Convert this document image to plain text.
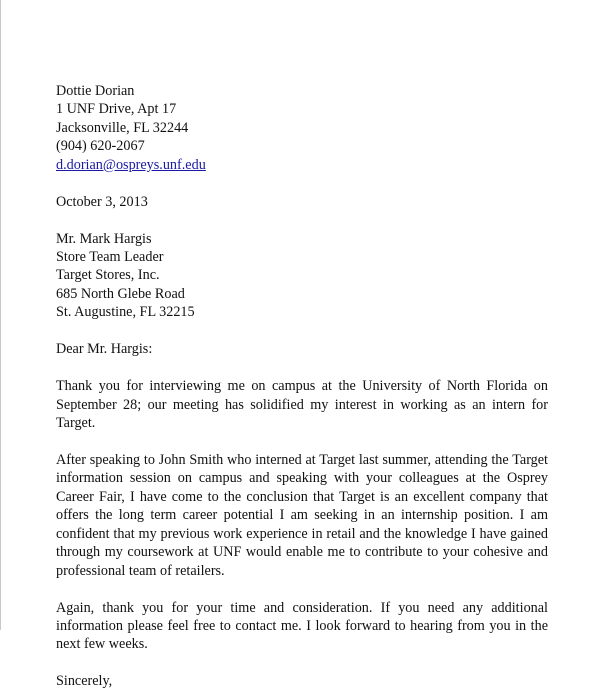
Dottie Dorian
1 UNF Drive, Apt 17
Jacksonville, FL 32244
(904) 620-2067
d.dorian@ospreys.unf.edu
October 3, 2013
Mr. Mark Hargis
Store Team Leader
Target Stores, Inc.
685 North Glebe Road
St. Augustine, FL 32215
Dear Mr. Hargis:

Thank you for interviewing me on campus at the University of North Florida on September 28; our meeting has solidified my interest in working as an intern for Target.

After speaking to John Smith who interned at Target last summer, attending the Target information session on campus and speaking with your colleagues at the Osprey Career Fair, I have come to the conclusion that Target is an excellent company that offers the long term career potential I am seeking in an internship position. I am confident that my previous work experience in retail and the knowledge I have gained through my coursework at UNF would enable me to contribute to your cohesive and professional team of retailers.

Again, thank you for your time and consideration. If you need any additional information please feel free to contact me. I look forward to hearing from you in the next few weeks.

Sincerely,
